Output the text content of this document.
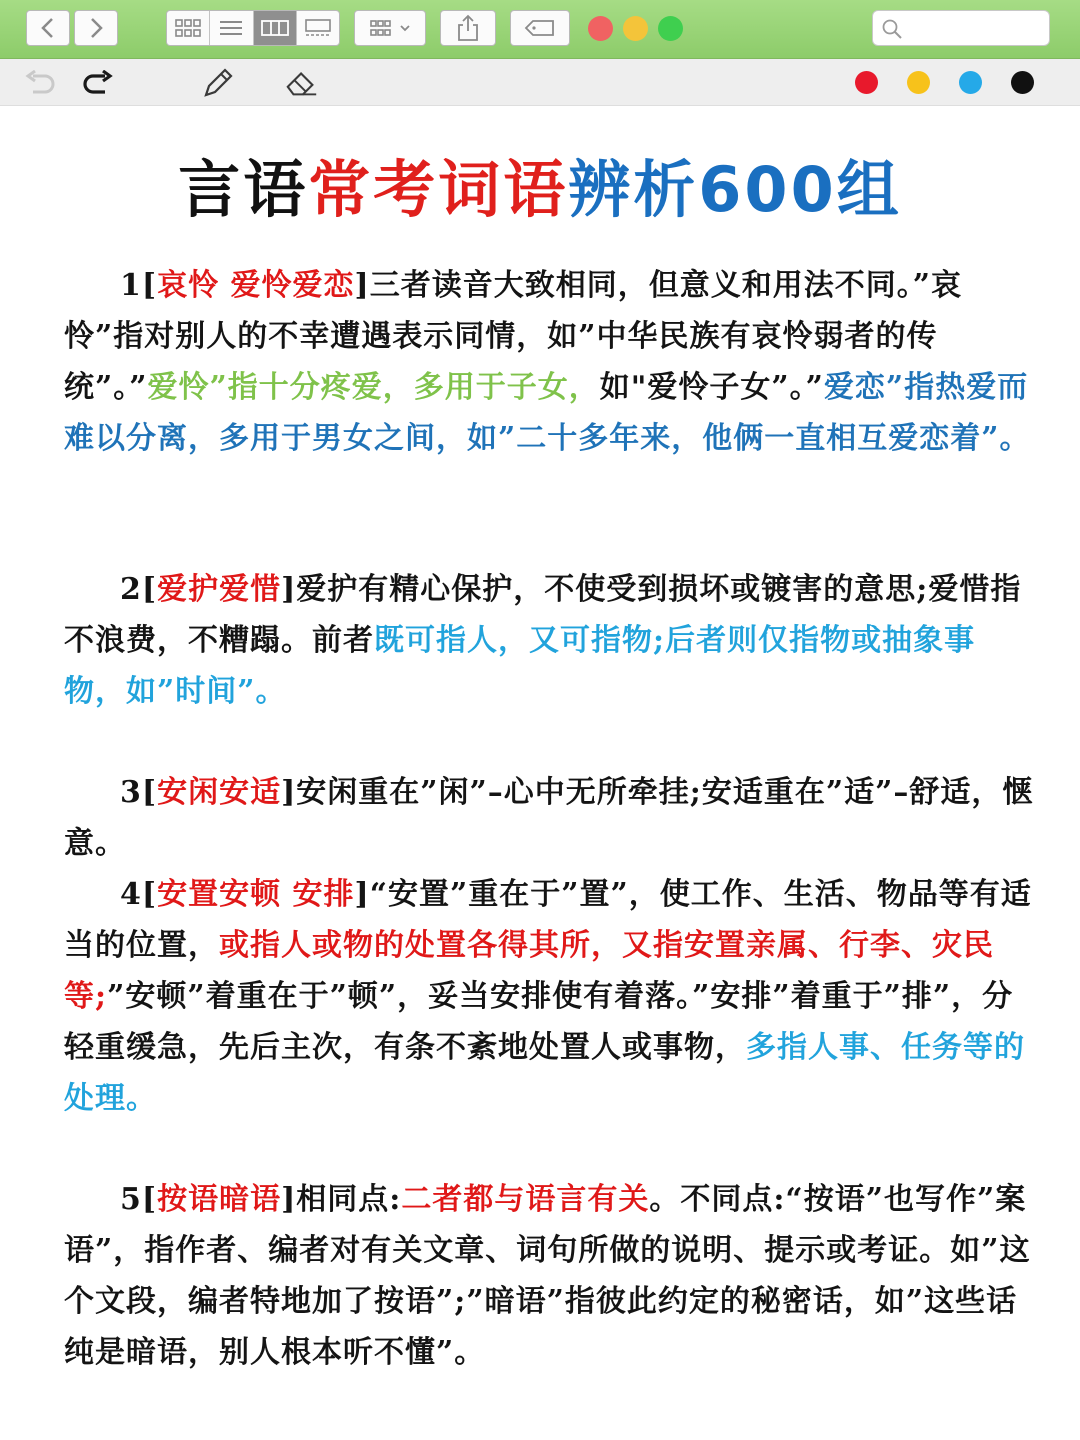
言语常考词语辨析600组

1[哀怜 爱怜爱恋]三者读音大致相同，但意义和用法不同。”哀怜”指对别人的不幸遭遇表示同情，如”中华民族有哀怜弱者的传统”。”爱怜”指十分疼爱，多用于子女，如"爱怜子女”。”爱恋”指热爱而难以分离，多用于男女之间，如”二十多年来，他俩一直相互爱恋着”。

2[爱护爱惜]爱护有精心保护，不使受到损坏或镀害的意思;爱惜指不浪费，不糟蹋。前者既可指人，又可指物;后者则仅指物或抽象事物，如”时间”。

3[安闲安适]安闲重在”闲”–心中无所牵挂;安适重在”适”–舒适，惬意。

4[安置安顿 安排]“安置”重在于”置”，使工作、生活、物品等有适当的位置，或指人或物的处置各得其所，又指安置亲属、行李、灾民等;”安顿”着重在于”顿”，妥当安排使有着落。”安排”着重于”排”，分轻重缓急，先后主次，有条不紊地处置人或事物，多指人事、任务等的处理。

5[按语暗语]相同点:二者都与语言有关。不同点:“按语”也写作”案语”，指作者、编者对有关文章、词句所做的说明、提示或考证。如”这个文段，编者特地加了按语”;”暗语”指彼此约定的秘密话，如”这些话纯是暗语，别人根本听不懂”。
